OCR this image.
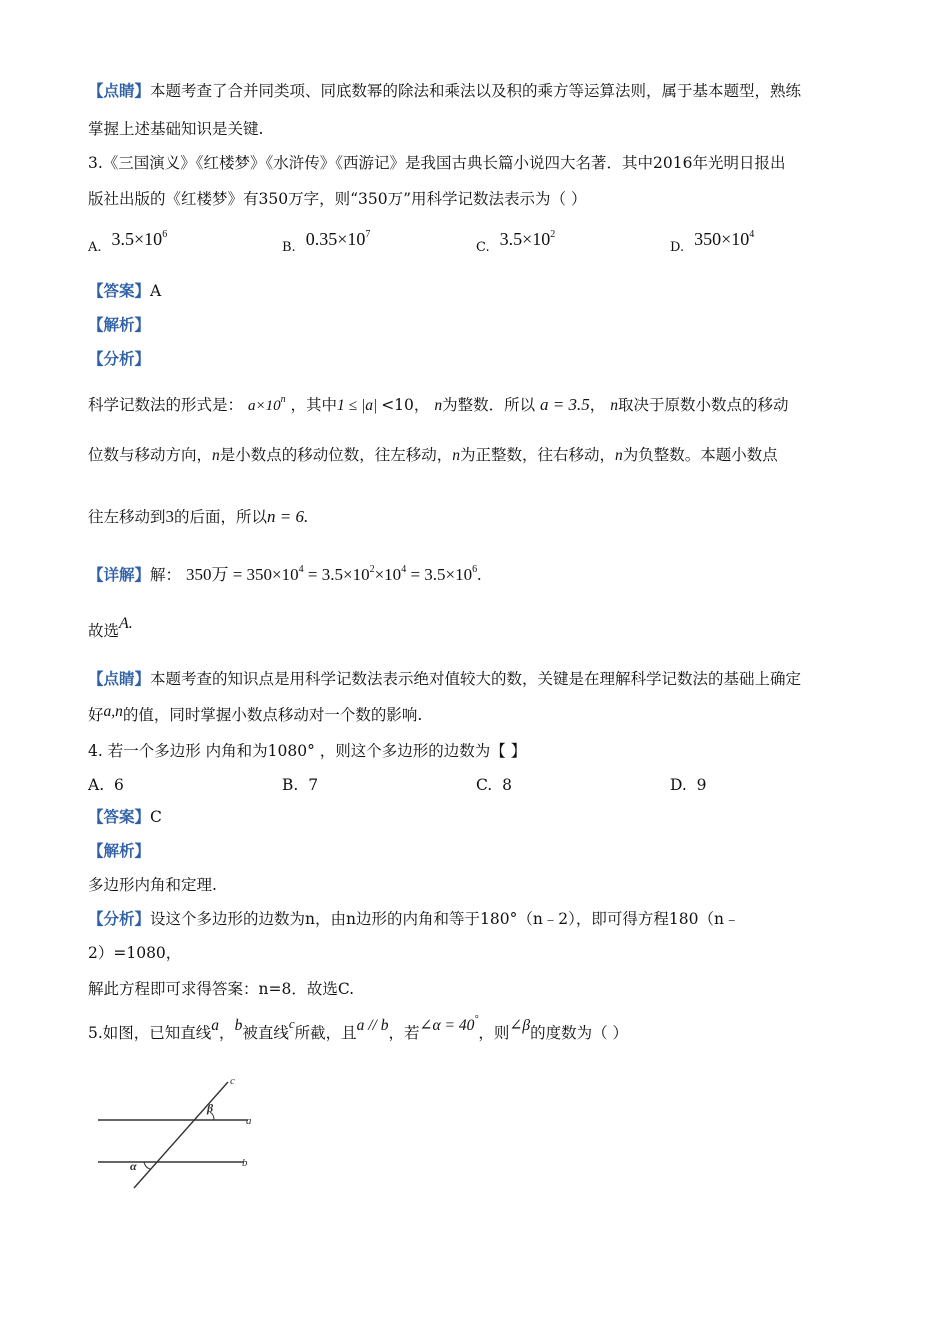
【点睛】本题考查了合并同类项、同底数幂的除法和乘法以及积的乘方等运算法则，属于基本题型，熟练
掌握上述基础知识是关键.
3.《三国演义》《红楼梦》《水浒传》《西游记》是我国古典长篇小说四大名著．其中2016年光明日报出
版社出版的《红楼梦》有350万字，则“350万”用科学记数法表示为（ ）
A. $3.5\times 10^6$
B. $0.35\times 10^7$
C. $3.5\times 10^2$
D. $350\times 10^4$
【答案】A
【解析】
【分析】
科学记数法的形式是： $a\times 10^n$ ，其中1 ≤ |a| <10， n为整数．所以 a = 3.5， n取决于原数小数点的移动
位数与移动方向，n是小数点的移动位数，往左移动，n为正整数，往右移动，n为负整数。本题小数点
往左移动到3的后面，所以n = 6.
【详解】解： 350万 = $350\times 10^4 = 3.5\times 10^2\times 10^4 = 3.5\times 10^6$.
故选A.
【点睛】本题考查的知识点是用科学记数法表示绝对值较大的数，关键是在理解科学记数法的基础上确定
好a,n的值，同时掌握小数点移动对一个数的影响.
4. 若一个多边形 内角和为1080° ，则这个多边形的边数为【 】
A. 6	B. 7	C. 8	D. 9
【答案】C
【解析】
多边形内角和定理.
【分析】设这个多边形的边数为n，由n边形的内角和等于180°（n﹣2），即可得方程180（n﹣
2）=1080，
解此方程即可求得答案：n=8．故选C.
5.如图，已知直线a，b被直线$^c$所截，且a // b，若∠α = 40°，则∠β的度数为（ ）
c
a
b
β
α
